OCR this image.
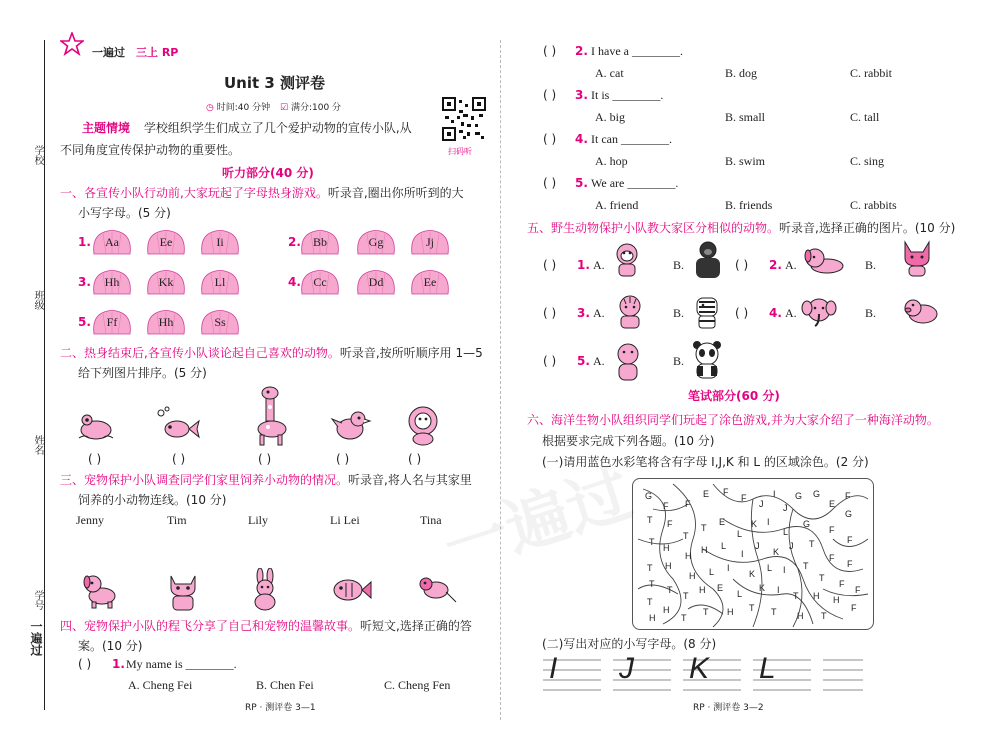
一遍过 三上 RP
学校
班级
姓名
学号
一遍过
Unit 3 测评卷
◷ 时间:40 分钟 ☑ 满分:100 分
扫码听
主题情境 学校组织学生们成立了几个爱护动物的宣传小队,从
不同角度宣传保护动物的重要性。
听力部分(40 分)
一、各宣传小队行动前,大家玩起了字母热身游戏。听录音,圈出你所听到的大
小写字母。(5 分)
1.	Aa	Ee	Ii	2.	Bb	Gg	Jj
3.	Hh	Kk	Ll	4.	Cc	Dd	Ee
5.	Ff	Hh	Ss
二、热身结束后,各宣传小队谈论起自己喜欢的动物。听录音,按所听顺序用 1—5
给下列图片排序。(5 分)
( )	( )	( )	( )	( )
三、宠物保护小队调查同学们家里饲养小动物的情况。听录音,将人名与其家里
饲养的小动物连线。(10 分)
Jenny	Tim	Lily	Li Lei	Tina
四、宠物保护小队的程飞分享了自己和宠物的温馨故事。听短文,选择正确的答
案。(10 分)
( ) 1. My name is ________.
A. Cheng Fei	B. Chen Fei	C. Cheng Fen
RP · 测评卷 3—1
( ) 2. I have a ________.
A. cat	B. dog	C. rabbit
( ) 3. It is ________.
A. big	B. small	C. tall
( ) 4. It can ________.
A. hop	B. swim	C. sing
( ) 5. We are ________.
A. friend	B. friends	C. rabbits
五、野生动物保护小队教大家区分相似的动物。听录音,选择正确的图片。(10 分)
( ) 1. A.	B.	( ) 2. A.	B.
( ) 3. A.	B.	( ) 4. A.	B.
( ) 5. A.	B.
笔试部分(60 分)
六、海洋生物小队组织同学们玩起了涂色游戏,并为大家介绍了一种海洋动物。
根据要求完成下列各题。(10 分)
(一)请用蓝色水彩笔将含有字母 I,J,K 和 L 的区域涂色。(2 分)
G
F
T F
F
E F
F
J
I
J
G G
E
F
G
T
H
T
T
E
L
K I
L
G
F
F
T H
H
H L
I
J
K
J T
F
F
T
T
H L I
K
L I T
T
F
F
T
H
T
H E
L
K I
T H H
F
H	T
T H T T H T
(二)写出对应的小写字母。(8 分)
I J K L
RP · 测评卷 3—2
一遍过
